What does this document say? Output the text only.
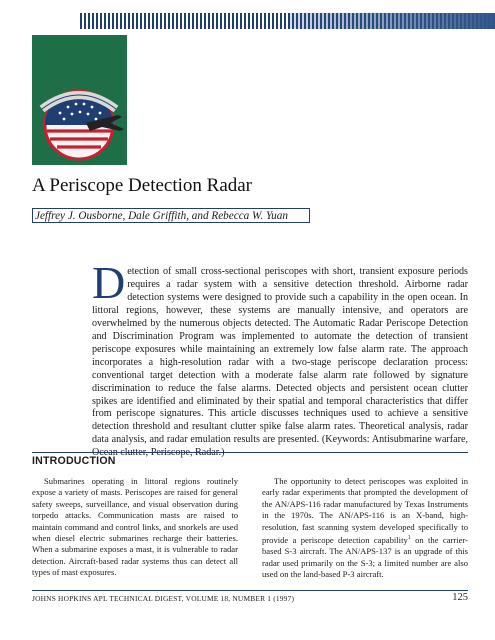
A Periscope Detection Radar
Jeffrey J. Ousborne, Dale Griffith, and Rebecca W. Yuan

Detection of small cross-sectional periscopes with short, transient exposure periods requires a radar system with a sensitive detection threshold. Airborne radar detection systems were designed to provide such a capability in the open ocean. In littoral regions, however, these systems are manually intensive, and operators are overwhelmed by the numerous objects detected. The Automatic Radar Periscope Detection and Discrimination Program was implemented to automate the detection of transient periscope exposures while maintaining an extremely low false alarm rate. The approach incorporates a high-resolution radar with a two-stage periscope declaration process: conventional target detection with a moderate false alarm rate followed by signature discrimination to reduce the false alarms. Detected objects and persistent ocean clutter spikes are identified and eliminated by their spatial and temporal characteristics that differ from periscope signatures. This article discusses techniques used to achieve a sensitive detection threshold and resultant clutter spike false alarm rates. Theoretical analysis, radar data analysis, and radar emulation results are presented. (Keywords: Antisubmarine warfare,

INTRODUCTION

Submarines operating in littoral regions routinely expose a variety of masts. Periscopes are raised for general safety sweeps, surveillance, and visual observation during torpedo attacks. Communication masts are raised to maintain command and control links, and snorkels are used when diesel electric submarines recharge their batteries. When a submarine exposes a mast, it is vulnerable to radar detection. Aircraft-based radar systems thus can detect all types of mast exposures.

The opportunity to detect periscopes was exploited in early radar experiments that prompted the development of the AN/APS-116 radar manufactured by Texas Instruments in the 1970s. The AN/APS-116 is an X-band, high-resolution, fast scanning system developed specifically to provide a periscope detection capability$^1$ on the carrier-based S-3 aircraft. The AN/APS-137 is an upgrade of this radar used primarily on the S-3; a limited number are also used on the land-based P-3 aircraft.

JOHNS HOPKINS APL TECHNICAL DIGEST, VOLUME 18, NUMBER 1 (1997)	125
